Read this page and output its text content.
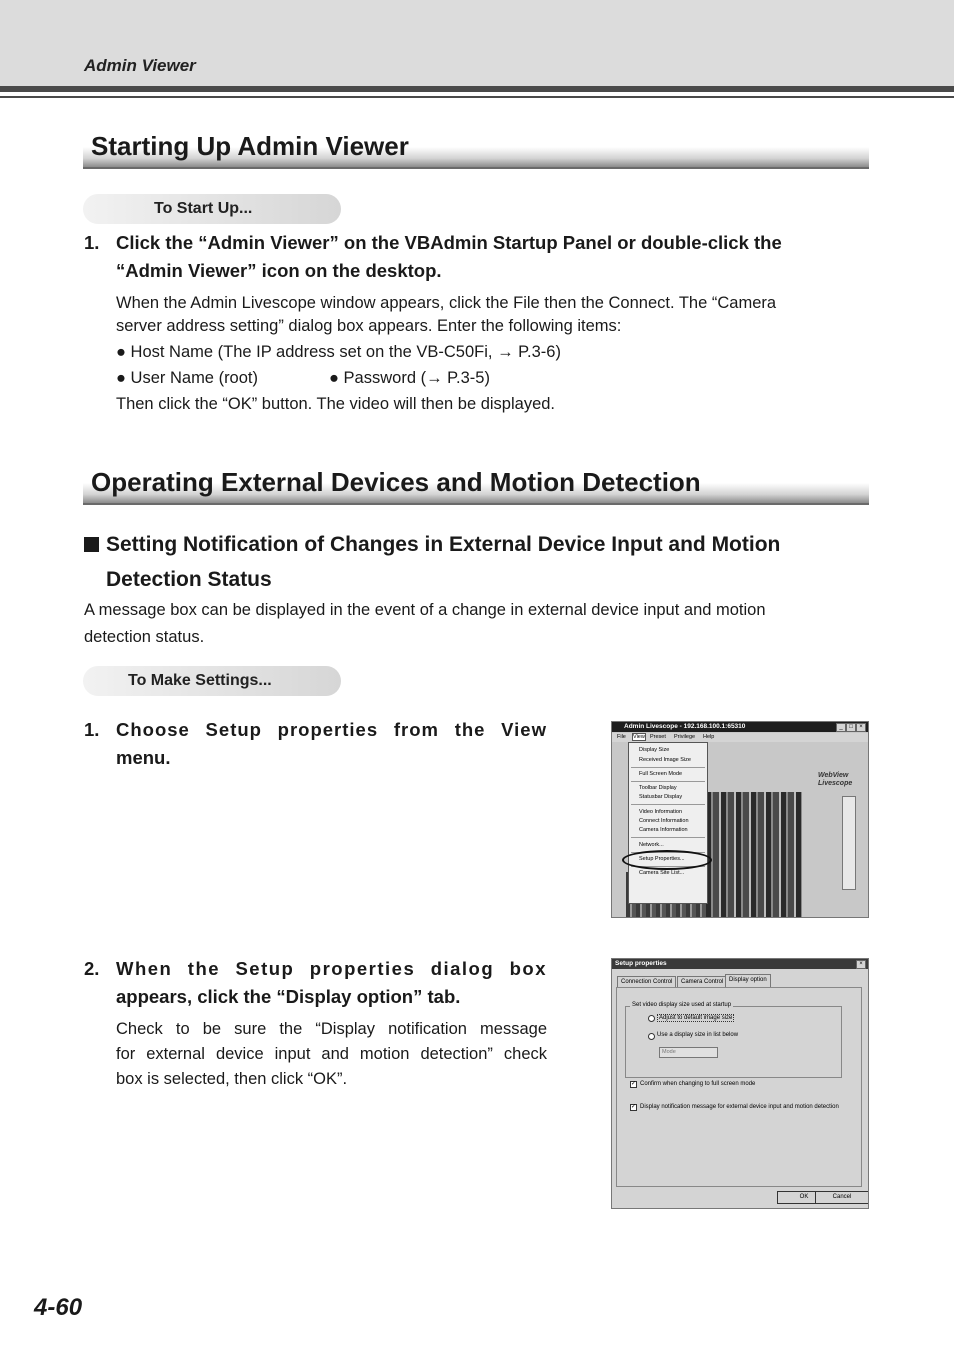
Admin Viewer
Starting Up Admin Viewer
To Start Up...
1. Click the “Admin Viewer” on the VBAdmin Startup Panel or double-click the
“Admin Viewer” icon on the desktop.
When the Admin Livescope window appears, click the File then the Connect. The “Camera
server address setting” dialog box appears. Enter the following items:
● Host Name (The IP address set on the VB-C50Fi, → P.3-6)
● User Name (root)	● Password (→ P.3-5)
Then click the “OK” button. The video will then be displayed.
Operating External Devices and Motion Detection
Setting Notification of Changes in External Device Input and Motion
Detection Status
A message box can be displayed in the event of a change in external device input and motion
detection status.
To Make Settings...
1. Choose Setup properties from the View
menu.
2. When the Setup properties dialog box
appears, click the “Display option” tab.
Check to be sure the “Display notification message
for external device input and motion detection” check
box is selected, then click “OK”.
Admin Livescope - 192.168.100.1:65310	_	□	×
File View Preset Privilege Help
Display Size
Received Image Size
Full Screen Mode
Toolbar Display
Statusbar Display
Video Information
Connect Information
Camera Information
Network...
Setup Properties...
Camera Site List...
WebView
Livescope
Setup properties	×
Connection Control	Camera Control Display option
Set video display size used at startup
Adjust to default image size
Use a display size in list below
Mode
✓ Confirm when changing to full screen mode
✓ Display notification message for external device input and motion detection
OK	Cancel
4-60
